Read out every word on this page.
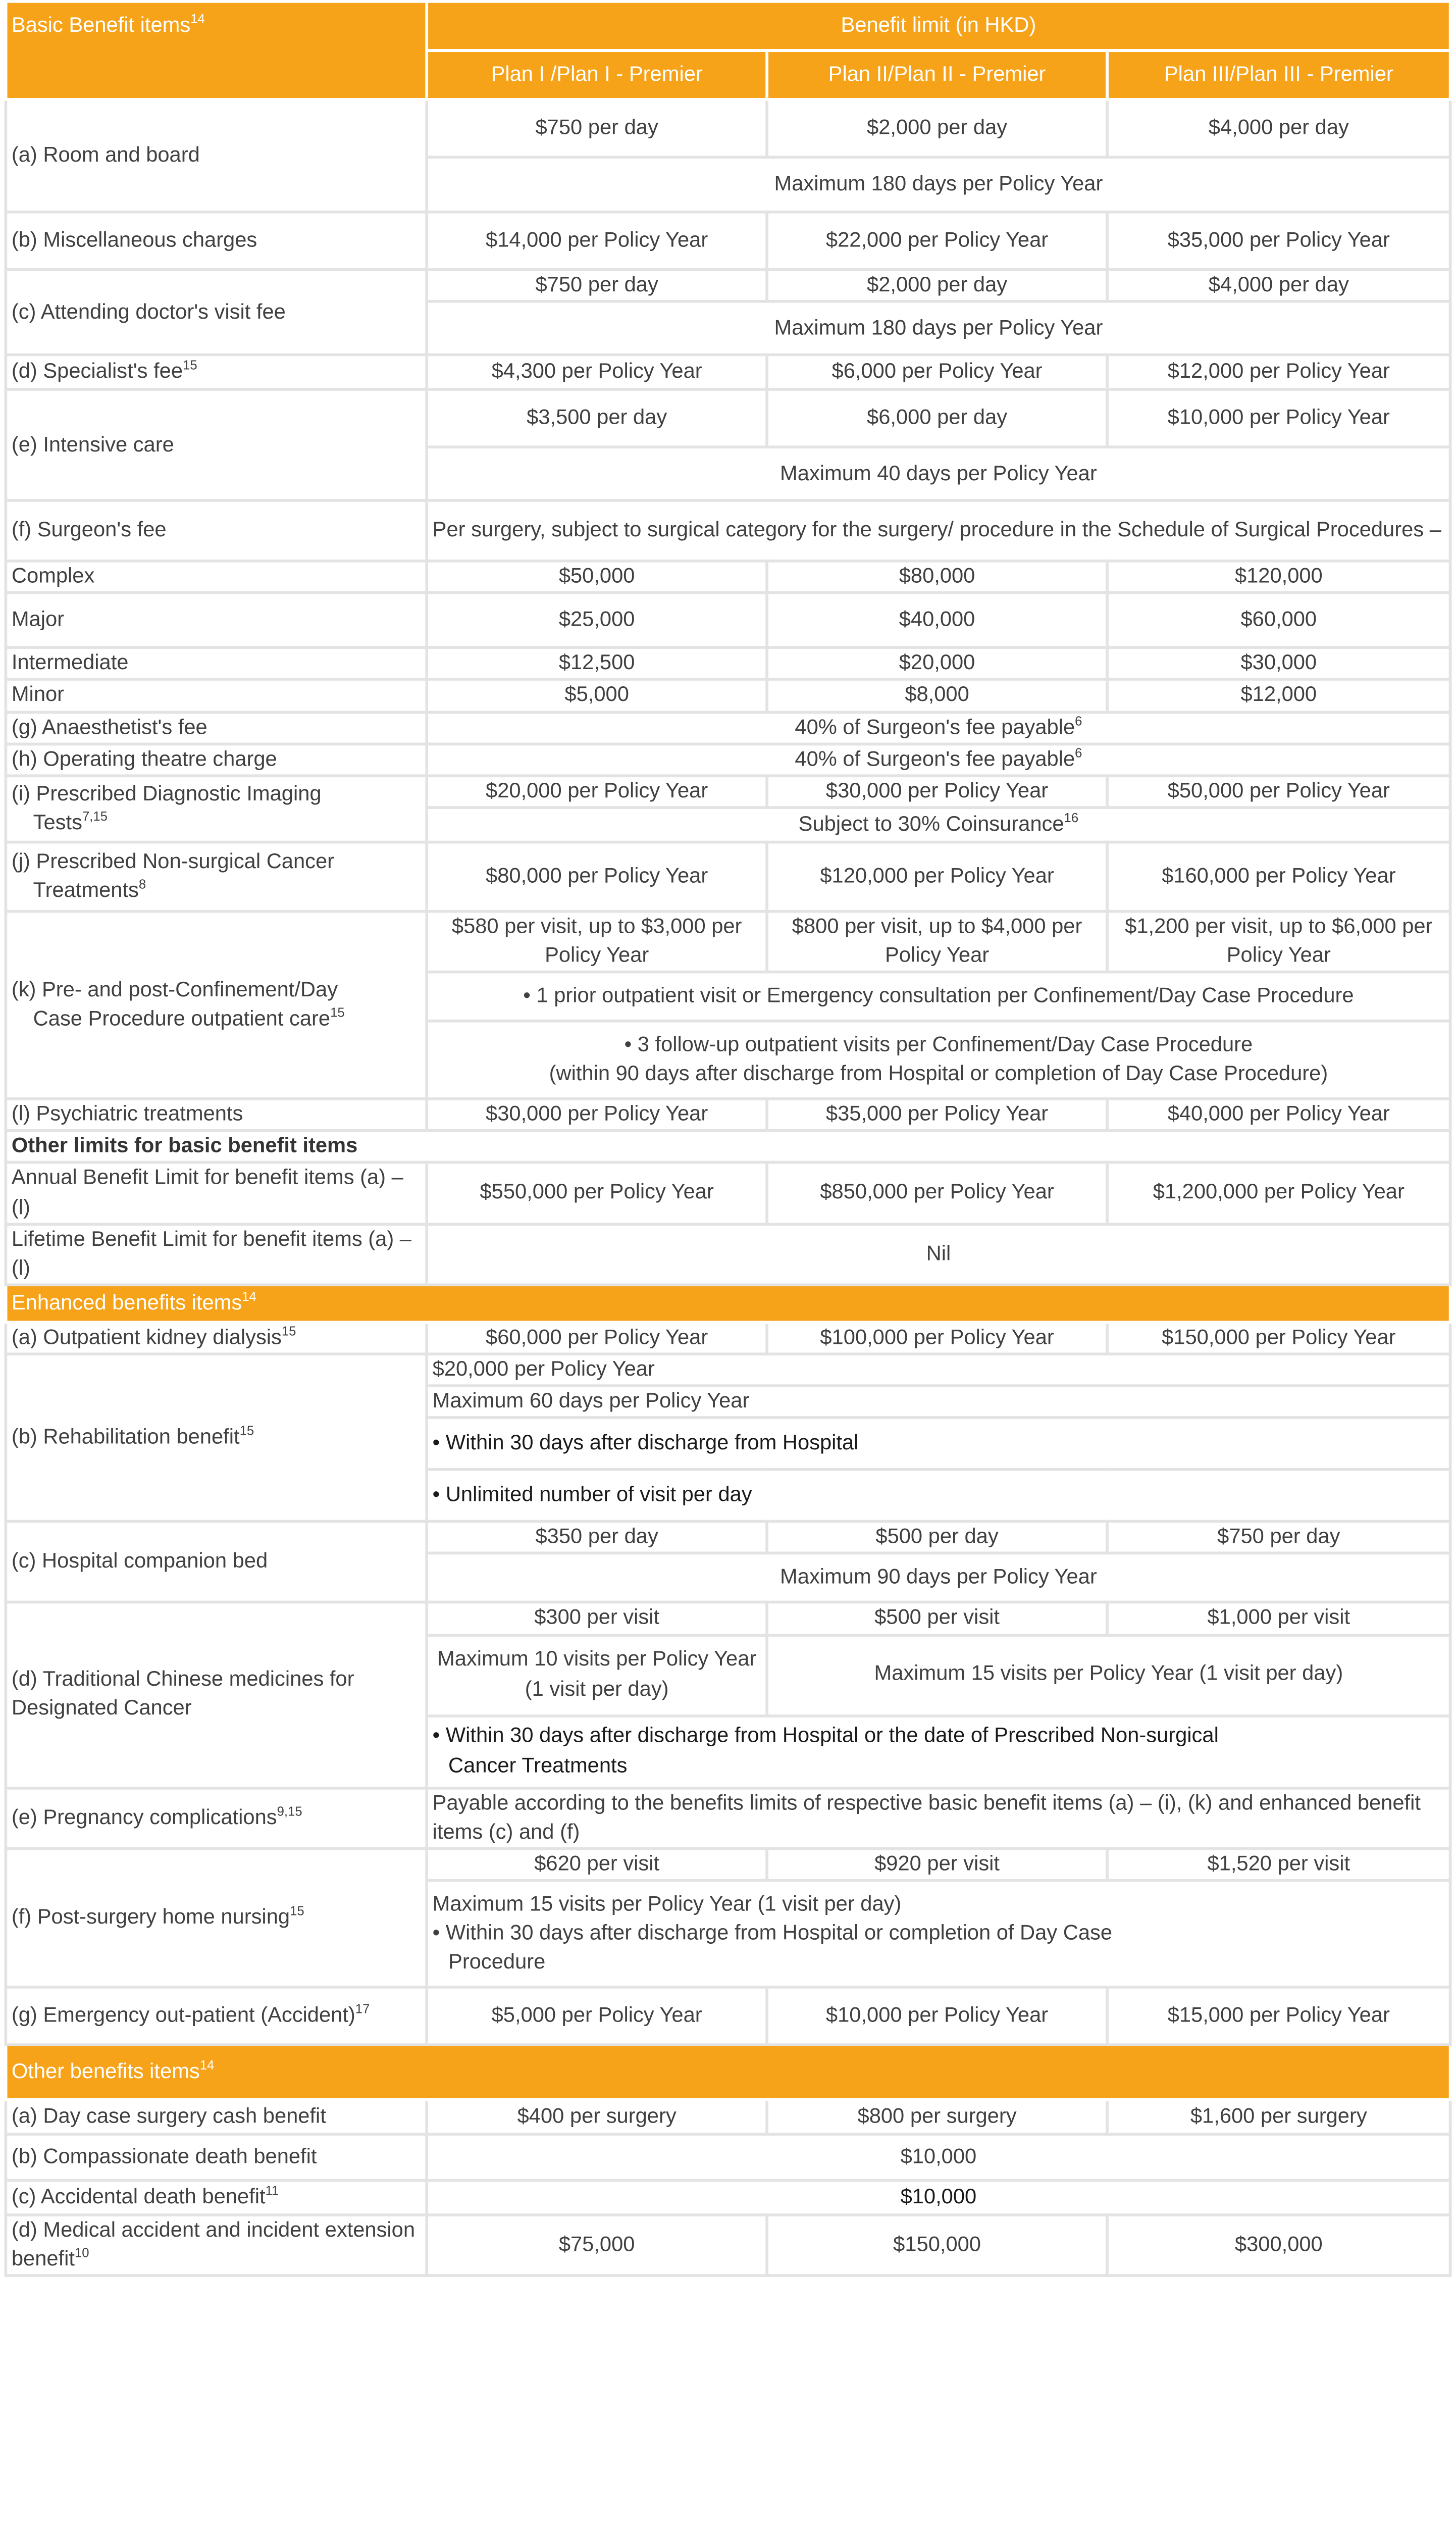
Basic Benefit items$^{14}$	Benefit limit (in HKD)		
	Plan I /Plan I - Premier	Plan II/Plan II - Premier	Plan III/Plan III - Premier
(a) Room and board	$750 per day	$2,000 per day	$4,000 per day
	Maximum 180 days per Policy Year		
(b) Miscellaneous charges	$14,000 per Policy Year	$22,000 per Policy Year	$35,000 per Policy Year
(c) Attending doctor's visit fee	$750 per day	$2,000 per day	$4,000 per day
	Maximum 180 days per Policy Year		
(d) Specialist's fee$^{15}$	$4,300 per Policy Year	$6,000 per Policy Year	$12,000 per Policy Year
(e) Intensive care	$3,500 per day	$6,000 per day	$10,000 per Policy Year
	Maximum 40 days per Policy Year		
(f) Surgeon's fee	Per surgery, subject to surgical category for the surgery/ procedure in the Schedule of Surgical Procedures –		
Complex	$50,000	$80,000	$120,000
Major	$25,000	$40,000	$60,000
Intermediate	$12,500	$20,000	$30,000
Minor	$5,000	$8,000	$12,000
(g) Anaesthetist's fee	40% of Surgeon's fee payable$^6$
(h) Operating theatre charge	40% of Surgeon's fee payable$^6$
(i) Prescribed Diagnostic Imaging
Tests$^{7,15}$	$20,000 per Policy Year	$30,000 per Policy Year	$50,000 per Policy Year
	Subject to 30% Coinsurance$^{16}$
(j) Prescribed Non-surgical Cancer
Treatments$^8$	$80,000 per Policy Year	$120,000 per Policy Year	$160,000 per Policy Year
(k) Pre- and post-Confinement/Day
Case Procedure outpatient care$^{15}$	$580 per visit, up to $3,000 per Policy Year	$800 per visit, up to $4,000 per Policy Year	$1,200 per visit, up to $6,000 per Policy Year
	• 1 prior outpatient visit or Emergency consultation per Confinement/Day Case Procedure		
	• 3 follow-up outpatient visits per Confinement/Day Case Procedure
(within 90 days after discharge from Hospital or completion of Day Case Procedure)		
(l) Psychiatric treatments	$30,000 per Policy Year	$35,000 per Policy Year	$40,000 per Policy Year
Other limits for basic benefit items			
Annual Benefit Limit for benefit items (a) – (l)	$550,000 per Policy Year	$850,000 per Policy Year	$1,200,000 per Policy Year
Lifetime Benefit Limit for benefit items (a) – (l)	Nil		
Enhanced benefits items$^{14}$
(a) Outpatient kidney dialysis$^{15}$	$60,000 per Policy Year	$100,000 per Policy Year	$150,000 per Policy Year
(b) Rehabilitation benefit$^{15}$	$20,000 per Policy Year		
	Maximum 60 days per Policy Year		
	• Within 30 days after discharge from Hospital		
	• Unlimited number of visit per day		
(c) Hospital companion bed	$350 per day	$500 per day	$750 per day
	Maximum 90 days per Policy Year		
(d) Traditional Chinese medicines for Designated Cancer	$300 per visit	$500 per visit	$1,000 per visit
	Maximum 10 visits per Policy Year (1 visit per day)	Maximum 15 visits per Policy Year (1 visit per day)	
	• Within 30 days after discharge from Hospital or the date of Prescribed Non-surgical
Cancer Treatments		

(e) Pregnancy complications$^{9,15}$	Payable according to the benefits limits of respective basic benefit items (a) – (i), (k) and enhanced benefit items (c) and (f)		
(f) Post-surgery home nursing$^{15}$	$620 per visit	$920 per visit	$1,520 per visit
	Maximum 15 visits per Policy Year (1 visit per day)
• Within 30 days after discharge from Hospital or completion of Day Case
Procedure		

(g) Emergency out-patient (Accident)$^{17}$	$5,000 per Policy Year	$10,000 per Policy Year	$15,000 per Policy Year
Other benefits items$^{14}$
(a) Day case surgery cash benefit	$400 per surgery	$800 per surgery	$1,600 per surgery
(b) Compassionate death benefit	$10,000		
(c) Accidental death benefit$^{11}$	$10,000		
(d) Medical accident and incident extension benefit$^{10}$	$75,000	$150,000	$300,000
